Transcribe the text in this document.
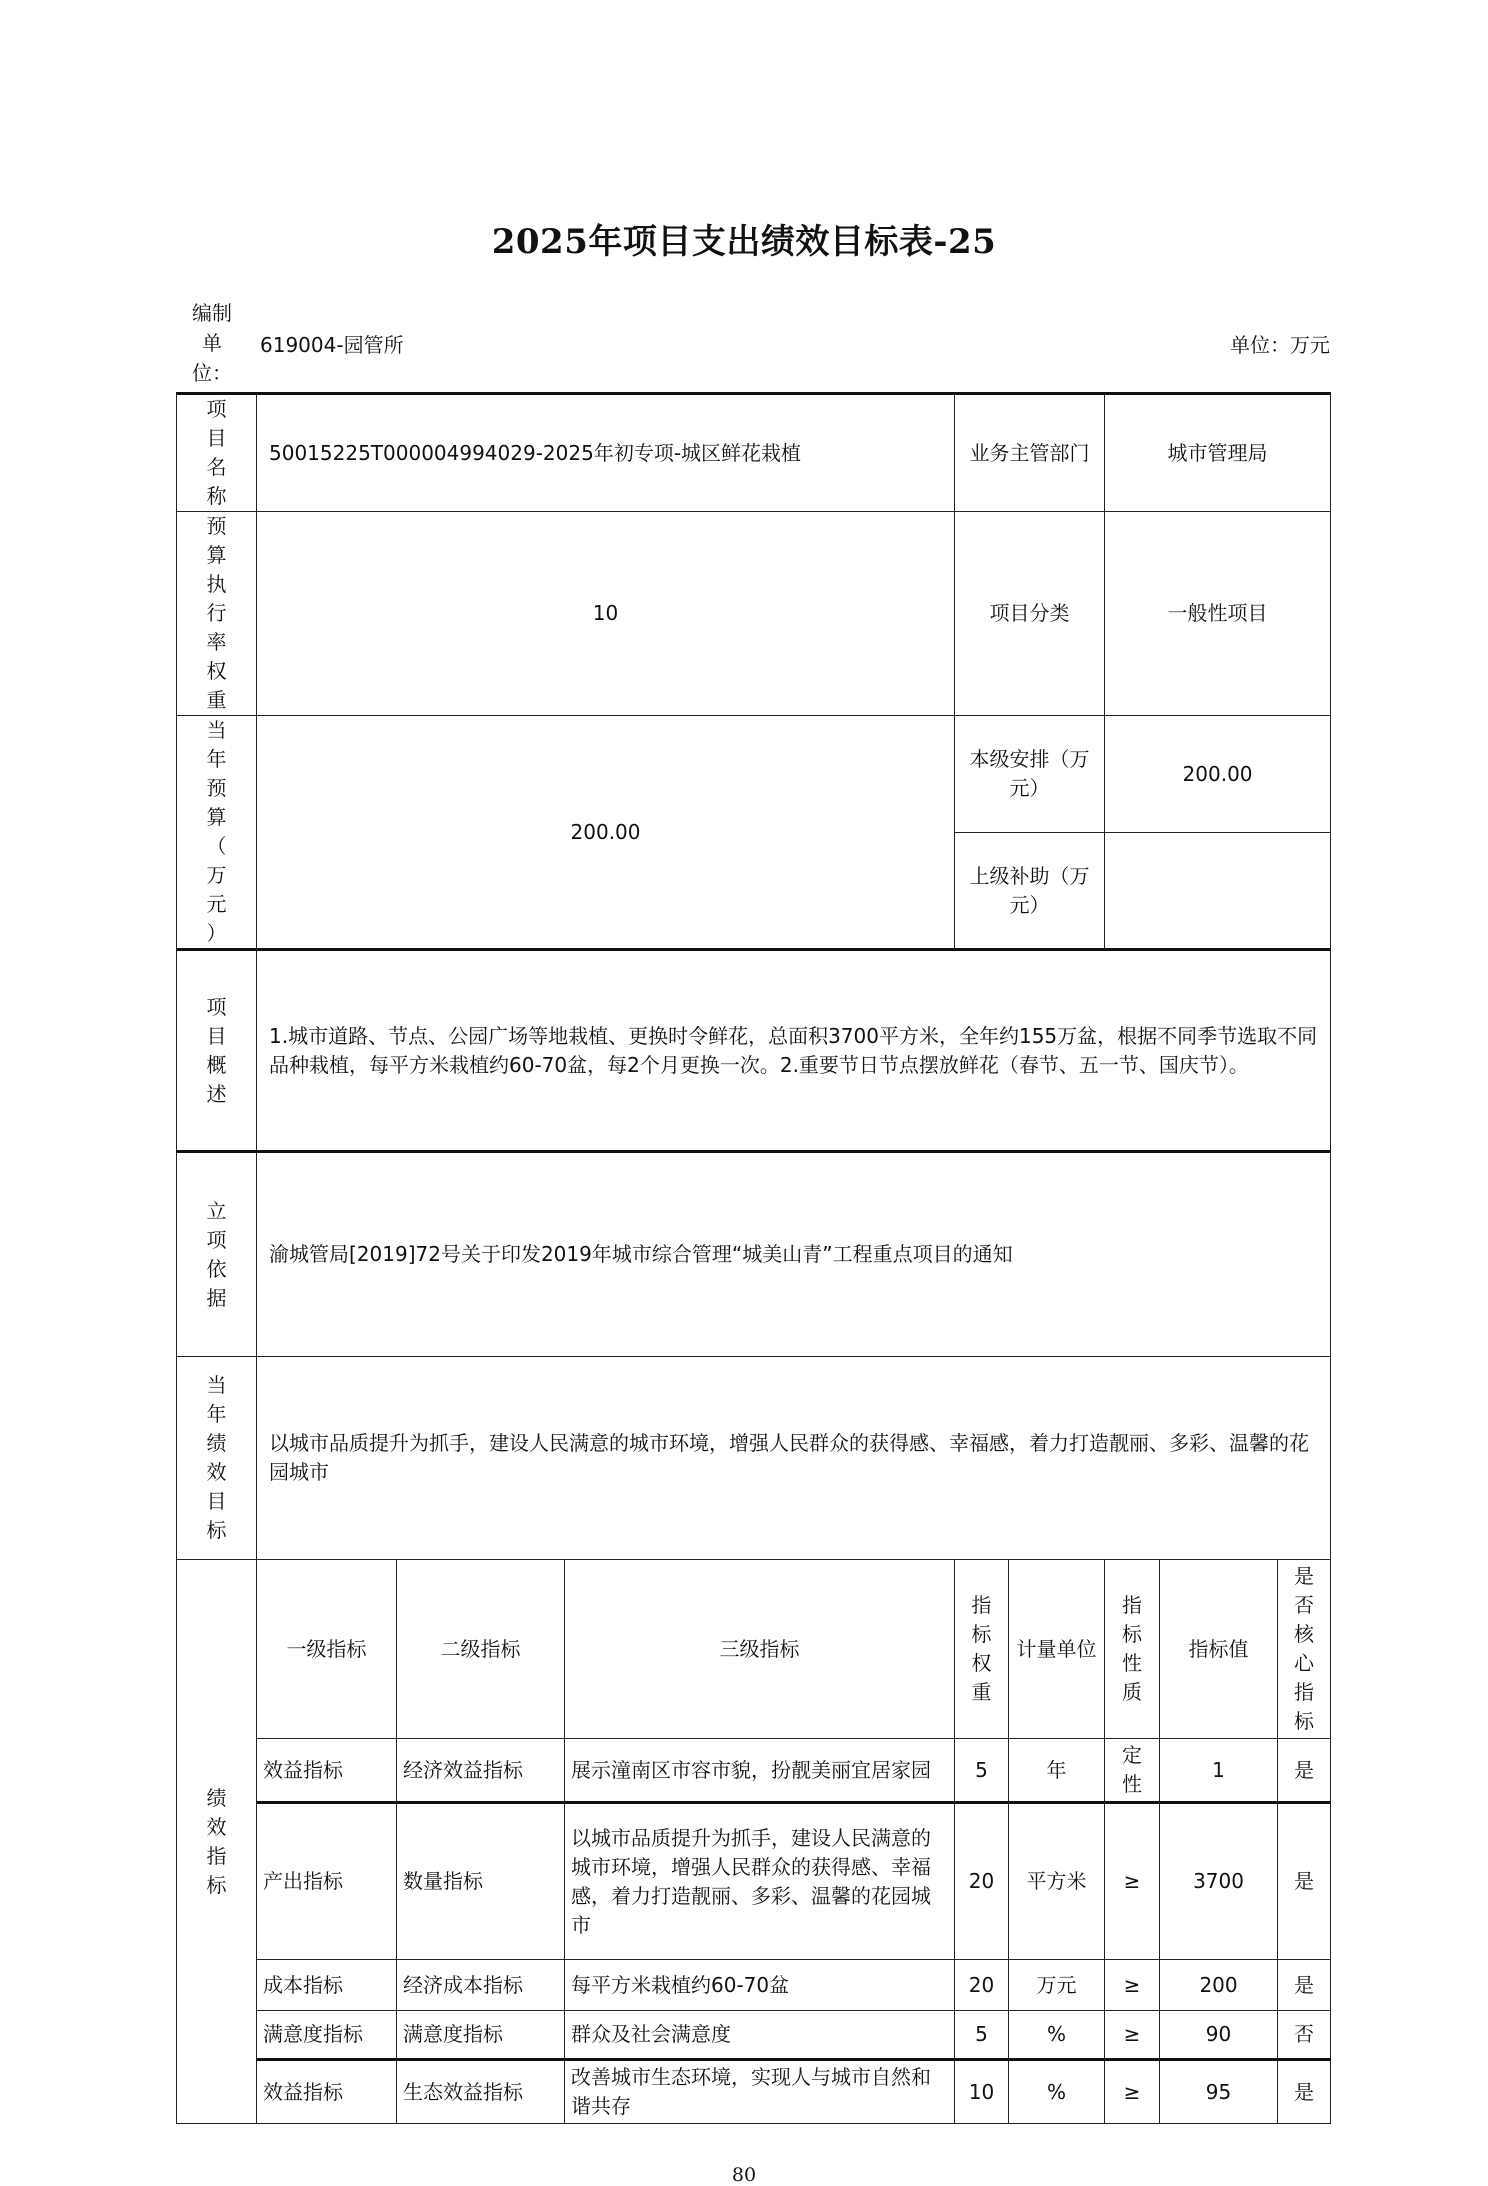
2025年项目支出绩效目标表-25
编制单位：
619004-园管所	单位：万元
项目名称	50015225T000004994029-2025年初专项-城区鲜花栽植			业务主管部门		城市管理局		
预算执行率权重	10			项目分类		一般性项目		
当年预算（万元）	200.00			本级安排（万元）		200.00		
				上级补助（万元）				
项目概述	1.城市道路、节点、公园广场等地栽植、更换时令鲜花，总面积3700平方米，全年约155万盆，根据不同季节选取不同品种栽植，每平方米栽植约60-70盆，每2个月更换一次。2.重要节日节点摆放鲜花（春节、五一节、国庆节）。							
立项依据	渝城管局[2019]72号关于印发2019年城市综合管理“城美山青”工程重点项目的通知							
当年绩效目标	以城市品质提升为抓手，建设人民满意的城市环境，增强人民群众的获得感、幸福感，着力打造靓丽、多彩、温馨的花园城市							
绩效指标	一级指标	二级指标	三级指标	指标权重	计量单位	指标性质	指标值	是否核心指标
	效益指标	经济效益指标	展示潼南区市容市貌，扮靓美丽宜居家园	5	年	定性	1	是
	产出指标	数量指标	以城市品质提升为抓手，建设人民满意的城市环境，增强人民群众的获得感、幸福感，着力打造靓丽、多彩、温馨的花园城市	20	平方米	≥	3700	是
	成本指标	经济成本指标	每平方米栽植约60-70盆	20	万元	≥	200	是
	满意度指标	满意度指标	群众及社会满意度	5	%	≥	90	否
	效益指标	生态效益指标	改善城市生态环境，实现人与城市自然和谐共存	10	%	≥	95	是
80
